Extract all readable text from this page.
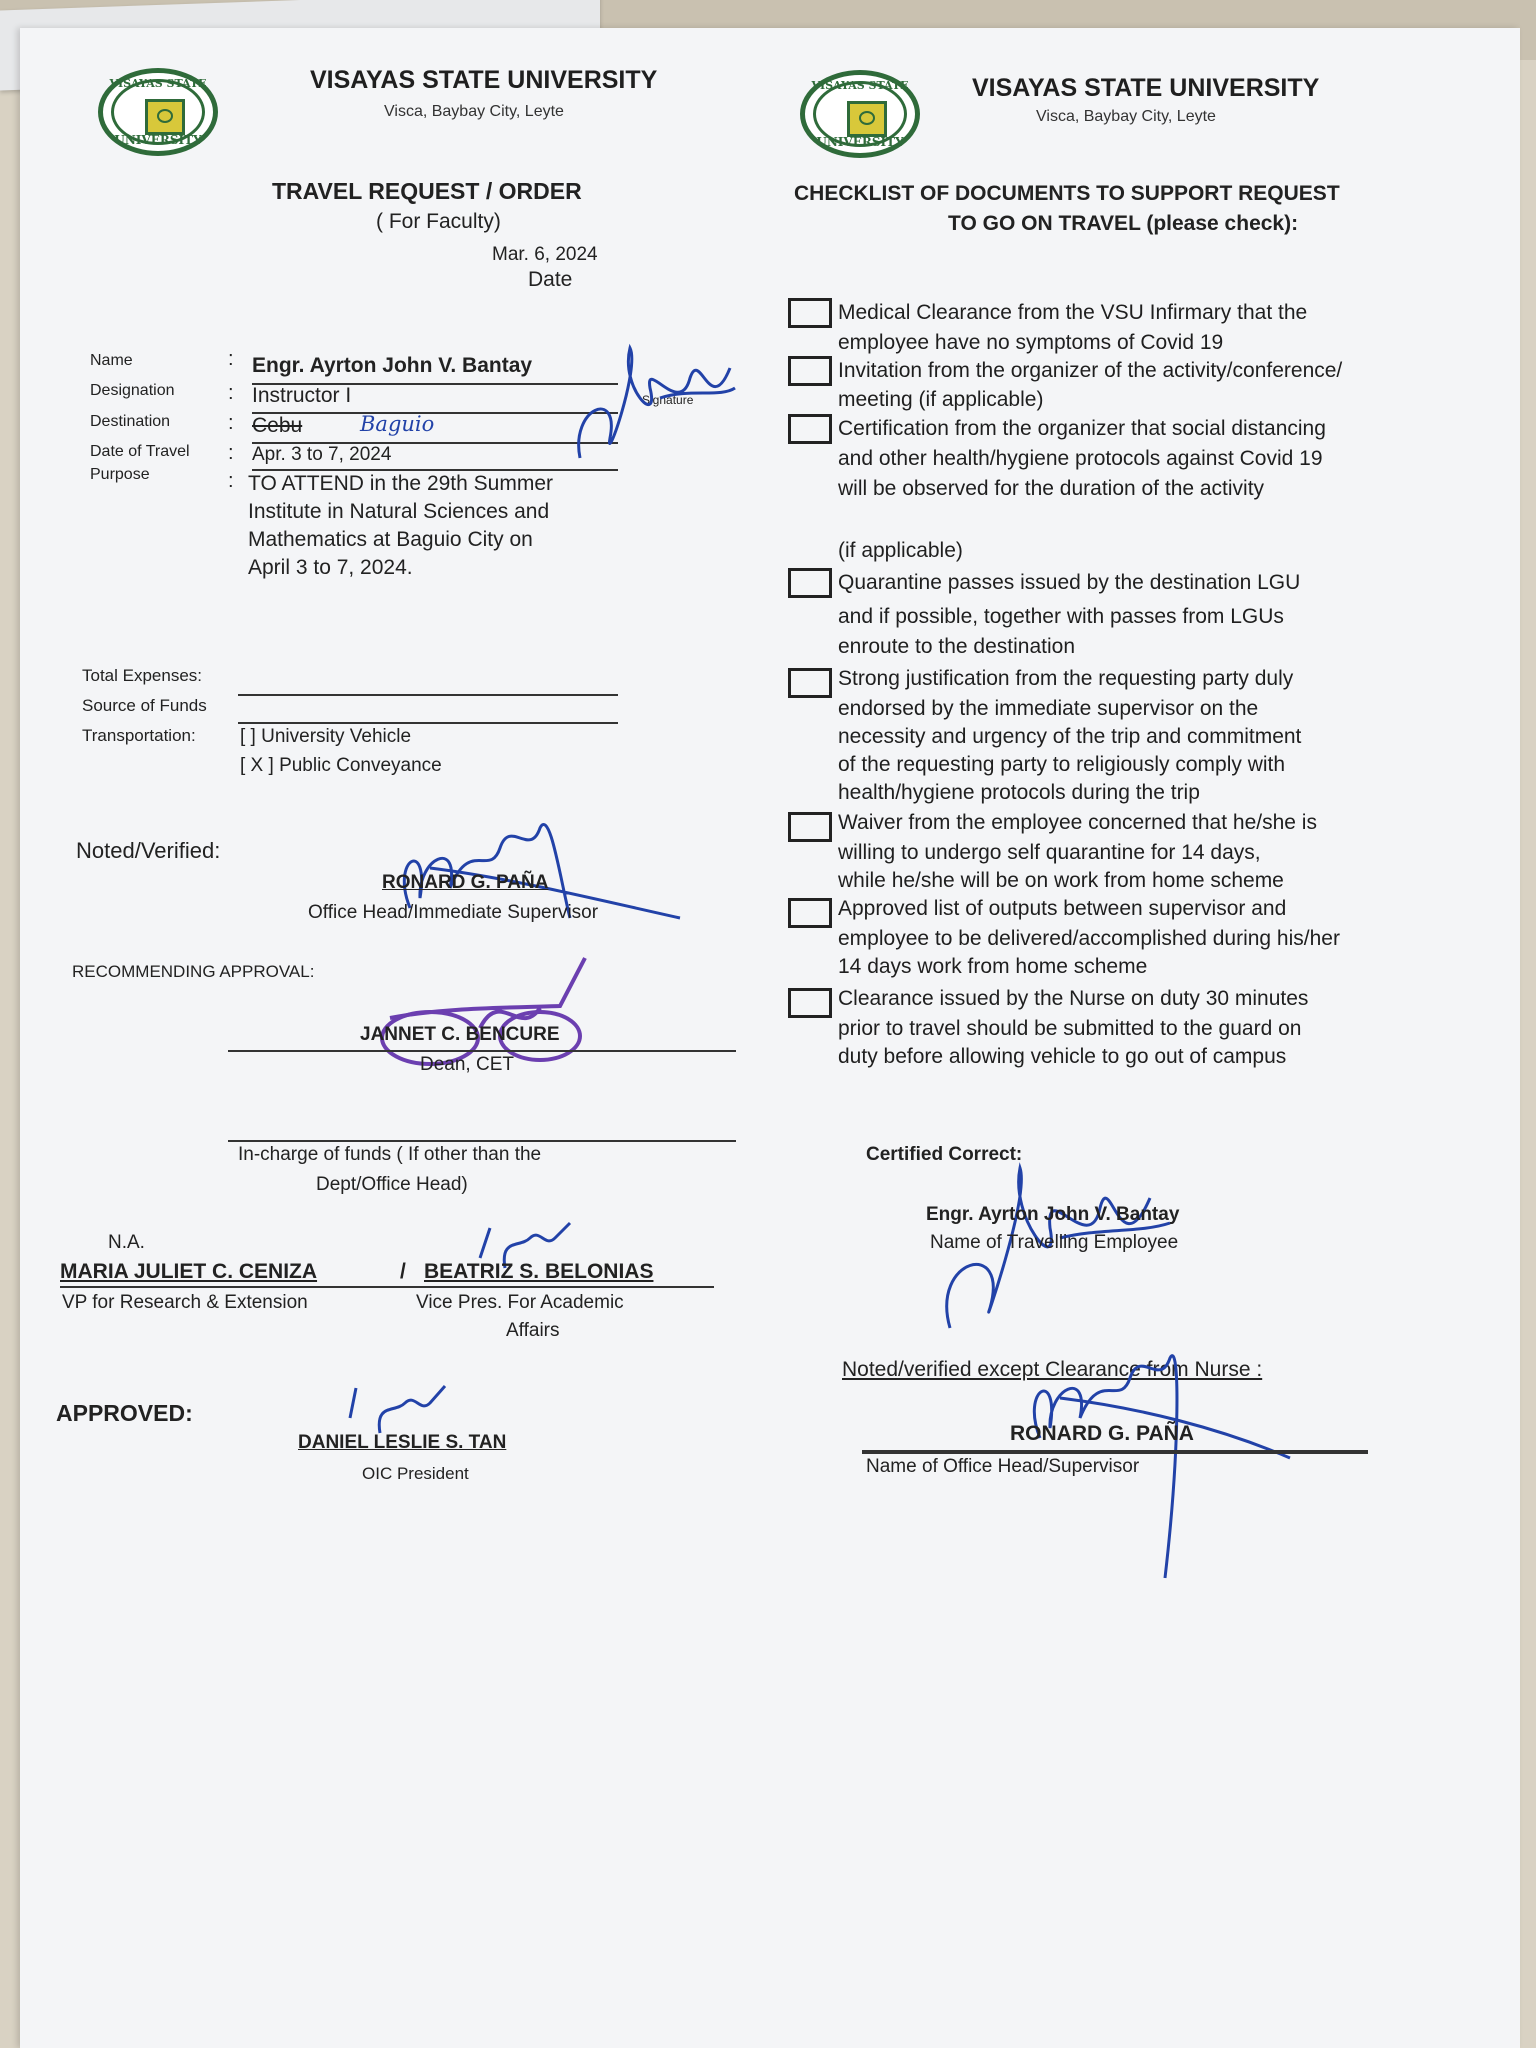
VISAYAS STATE
UNIVERSITY
VISAYAS STATE UNIVERSITY
Visca, Baybay City, Leyte
TRAVEL REQUEST / ORDER
( For Faculty)
Mar. 6, 2024
Date
Name	: Engr. Ayrton John V. Bantay
Designation	: Instructor I
Destination	: Cebu	Baguio
Date of Travel : Apr. 3 to 7, 2024
Purpose	: TO ATTEND in the 29th Summer
Institute in Natural Sciences and
Mathematics at Baguio City on
April 3 to 7, 2024.
Signature
Total Expenses:
Source of Funds
Transportation: [ ] University Vehicle
[ X ] Public Conveyance
Noted/Verified:
RONARD G. PAÑA
Office Head/Immediate Supervisor
RECOMMENDING APPROVAL:
JANNET C. BENCURE
Dean, CET
In-charge of funds ( If other than the
Dept/Office Head)
N.A.
MARIA JULIET C. CENIZA	/ BEATRIZ S. BELONIAS
VP for Research & Extension	Vice Pres. For Academic
Affairs
APPROVED:
DANIEL LESLIE S. TAN
OIC President
VISAYAS STATE
UNIVERSITY
VISAYAS STATE UNIVERSITY
Visca, Baybay City, Leyte
CHECKLIST OF DOCUMENTS TO SUPPORT REQUEST
TO GO ON TRAVEL (please check):
Medical Clearance from the VSU Infirmary that the
employee have no symptoms of Covid 19
Invitation from the organizer of the activity/conference/
meeting (if applicable)
Certification from the organizer that social distancing
and other health/hygiene protocols against Covid 19
will be observed for the duration of the activity
(if applicable)
Quarantine passes issued by the destination LGU
and if possible, together with passes from LGUs
enroute to the destination
Strong justification from the requesting party duly
endorsed by the immediate supervisor on the
necessity and urgency of the trip and commitment
of the requesting party to religiously comply with
health/hygiene protocols during the trip
Waiver from the employee concerned that he/she is
willing to undergo self quarantine for 14 days,
while he/she will be on work from home scheme
Approved list of outputs between supervisor and
employee to be delivered/accomplished during his/her
14 days work from home scheme
Clearance issued by the Nurse on duty 30 minutes
prior to travel should be submitted to the guard on
duty before allowing vehicle to go out of campus
Certified Correct:
Engr. Ayrton John V. Bantay
Name of Travelling Employee
Noted/verified except Clearance from Nurse :
RONARD G. PAÑA
Name of Office Head/Supervisor
